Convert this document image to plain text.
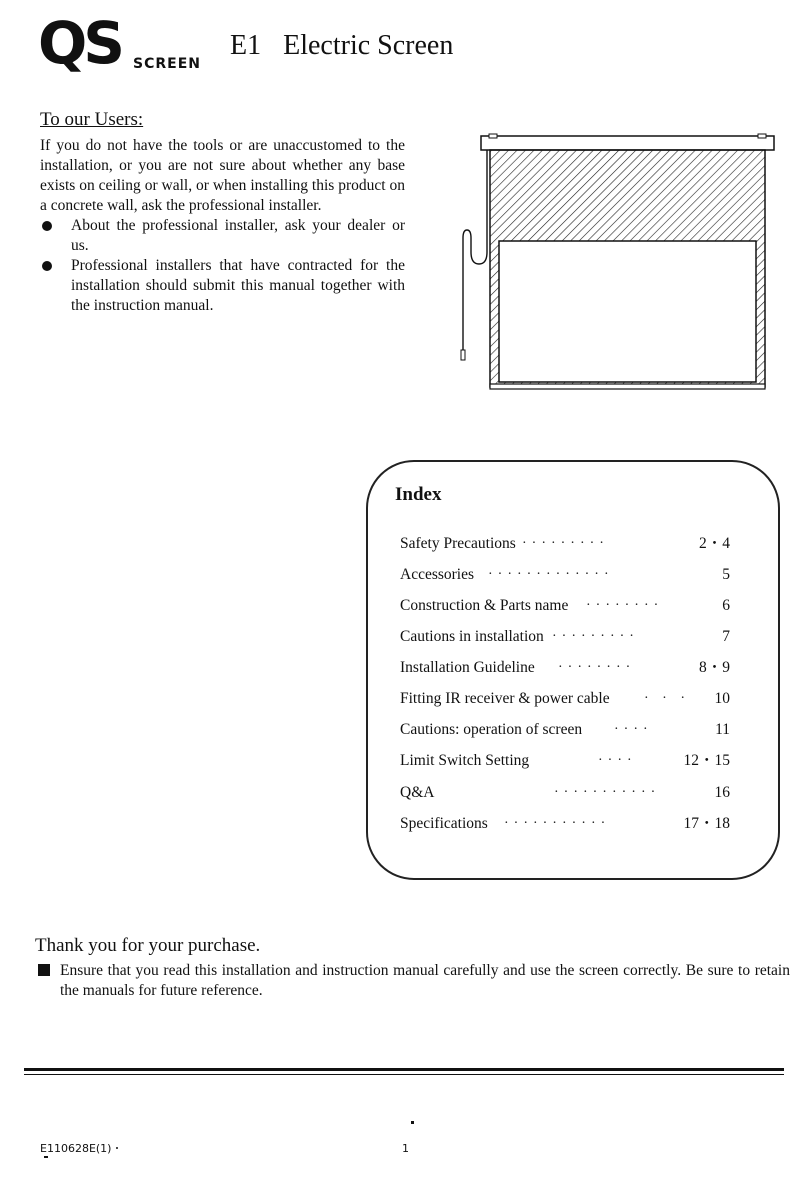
QS SCREEN
E1 Electric Screen
To our Users:

If you do not have the tools or are unaccustomed to the installation, or you are not sure about whether any base exists on ceiling or wall, or when installing this product on a concrete wall, ask the professional installer.

About the professional installer, ask your dealer or us.
Professional installers that have contracted for the installation should submit this manual together with the instruction manual.
Index
Safety Precautions ·········	2・4
Accessories ·············	5
Construction & Parts name ········	6
Cautions in installation ·········	7
Installation Guideline ········	8・9
Fitting IR receiver & power cable · · · 10
Cautions: operation of screen ····	11
Limit Switch Setting	····	12・15
Q&A	···········	16
Specifications ···········	17・18
Thank you for your purchase.
Ensure that you read this installation and instruction manual carefully and use the screen correctly. Be sure to retain the manuals for future reference.
E110628E(1)・	1
